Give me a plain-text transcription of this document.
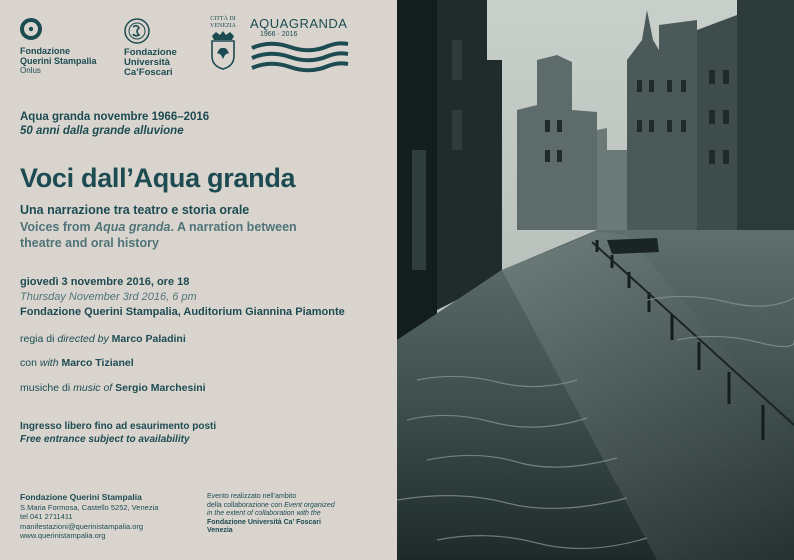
Fondazione
Querini Stampalia
Onlus
Fondazione
Università
Ca’Foscari
CITTÀ DI
VENEZIA	AQUAGRANDA
1966 · 2016
Aqua granda novembre 1966–2016
50 anni dalla grande alluvione
Voci dall’Aqua granda
Una narrazione tra teatro e storia orale
Voices from Aqua granda. A narration between
theatre and oral history
giovedì 3 novembre 2016, ore 18
Thursday November 3rd 2016, 6 pm
Fondazione Querini Stampalia, Auditorium Giannina Piamonte
regia di directed by Marco Paladini
con with Marco Tizianel
musiche di music of Sergio Marchesini
Ingresso libero fino ad esaurimento posti
Free entrance subject to availability
Fondazione Querini Stampalia
S.Maria Formosa, Castello 5252, Venezia
tel 041 2711411
manifestazioni@querinistampalia.org
www.querinistampalia.org
Evento realizzato nell’ambito
della collaborazione con Event organized
in the extent of collaboration with the
Fondazione Università Ca’ Foscari
Venezia
